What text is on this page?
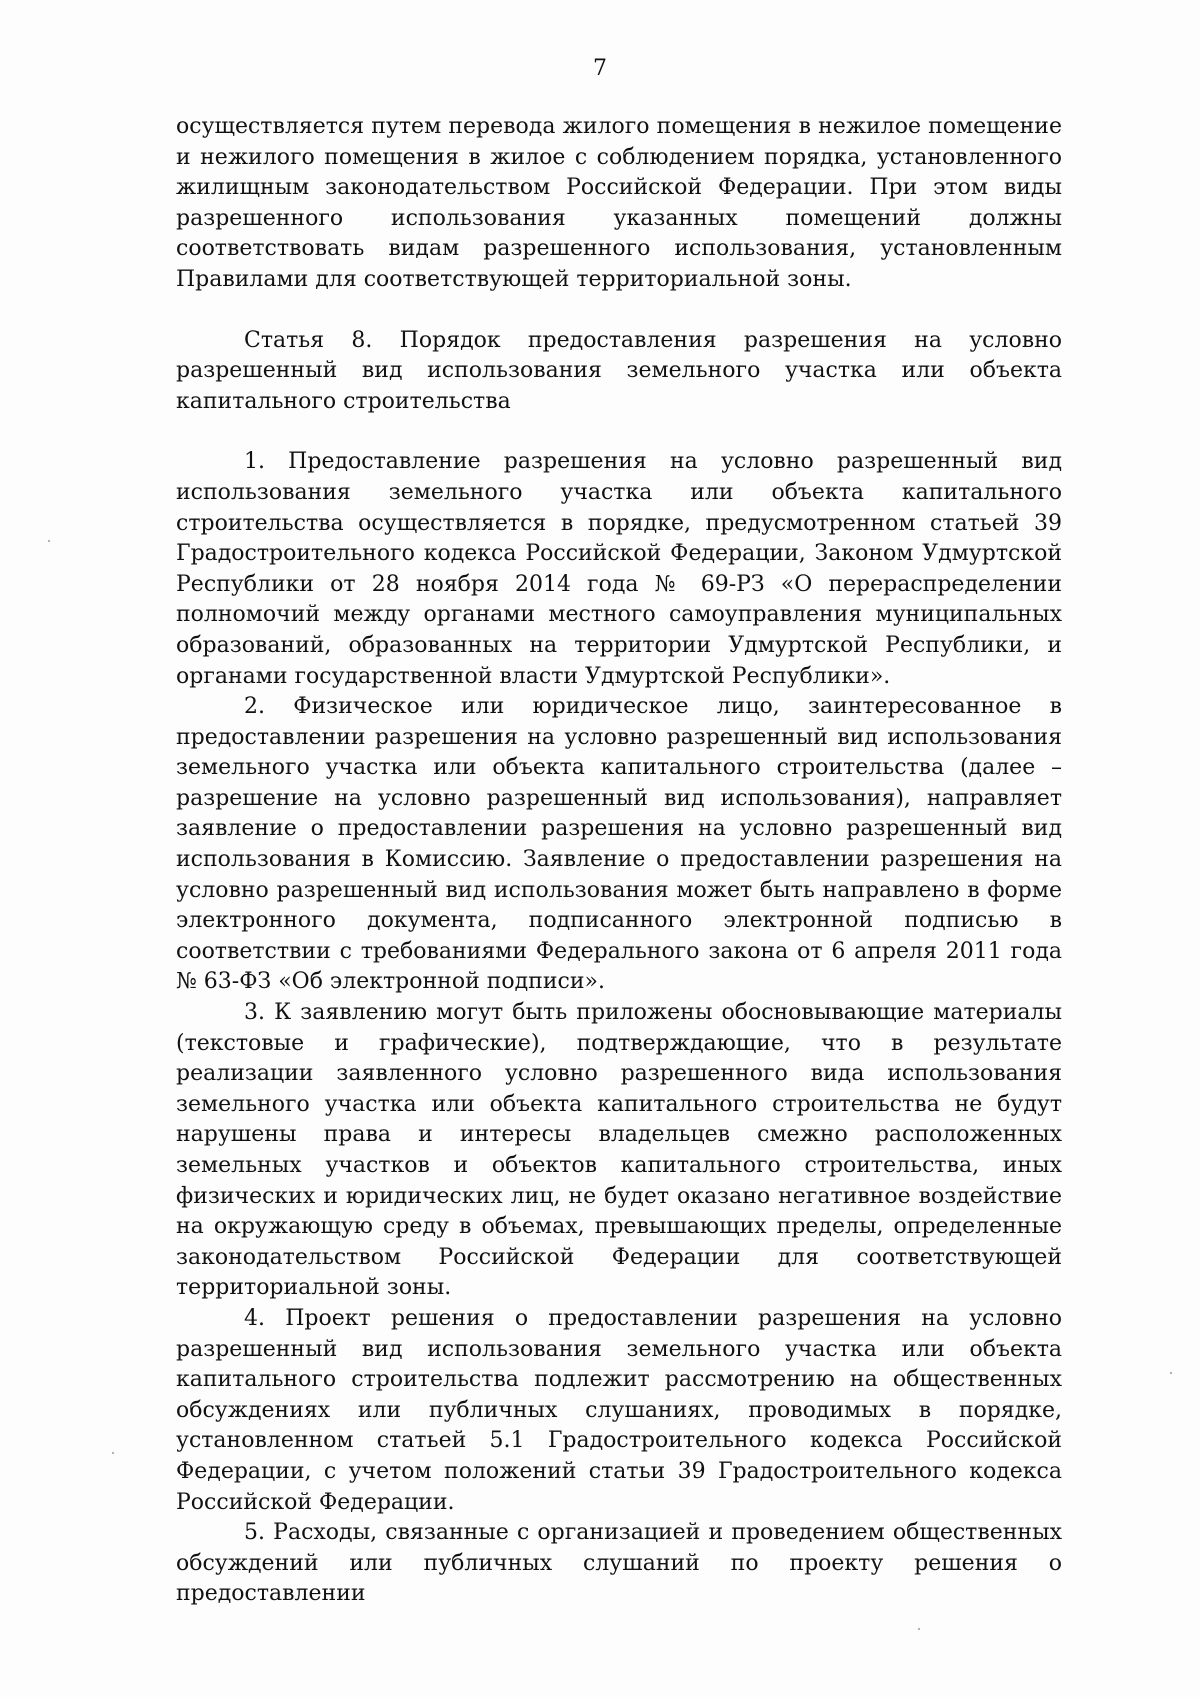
7

осуществляется путем перевода жилого помещения в нежилое помещение и нежилого помещения в жилое с соблюдением порядка, установленного жилищным законодательством Российской Федерации. При этом виды разрешенного использования указанных помещений должны соответствовать видам разрешенного использования, установленным Правилами для соответствующей территориальной зоны.

Статья 8. Порядок предоставления разрешения на условно разрешенный вид использования земельного участка или объекта капитального строительства

1. Предоставление разрешения на условно разрешенный вид использования земельного участка или объекта капитального строительства осуществляется в порядке, предусмотренном статьей 39 Градостроительного кодекса Российской Федерации, Законом Удмуртской Республики от 28 ноября 2014 года № 69-РЗ «О перераспределении полномочий между органами местного самоуправления муниципальных образований, образованных на территории Удмуртской Республики, и органами государственной власти Удмуртской Республики».

2. Физическое или юридическое лицо, заинтересованное в предоставлении разрешения на условно разрешенный вид использования земельного участка или объекта капитального строительства (далее – разрешение на условно разрешенный вид использования), направляет заявление о предоставлении разрешения на условно разрешенный вид использования в Комиссию. Заявление о предоставлении разрешения на условно разрешенный вид использования может быть направлено в форме электронного документа, подписанного электронной подписью в соответствии с требованиями Федерального закона от 6 апреля 2011 года № 63-ФЗ «Об электронной подписи».

3. К заявлению могут быть приложены обосновывающие материалы (текстовые и графические), подтверждающие, что в результате реализации заявленного условно разрешенного вида использования земельного участка или объекта капитального строительства не будут нарушены права и интересы владельцев смежно расположенных земельных участков и объектов капитального строительства, иных физических и юридических лиц, не будет оказано негативное воздействие на окружающую среду в объемах, превышающих пределы, определенные законодательством Российской Федерации для соответствующей территориальной зоны.

4. Проект решения о предоставлении разрешения на условно разрешенный вид использования земельного участка или объекта капитального строительства подлежит рассмотрению на общественных обсуждениях или публичных слушаниях, проводимых в порядке, установленном статьей 5.1 Градостроительного кодекса Российской Федерации, с учетом положений статьи 39 Градостроительного кодекса Российской Федерации.

5. Расходы, связанные с организацией и проведением общественных обсуждений или публичных слушаний по проекту решения о предоставлении
